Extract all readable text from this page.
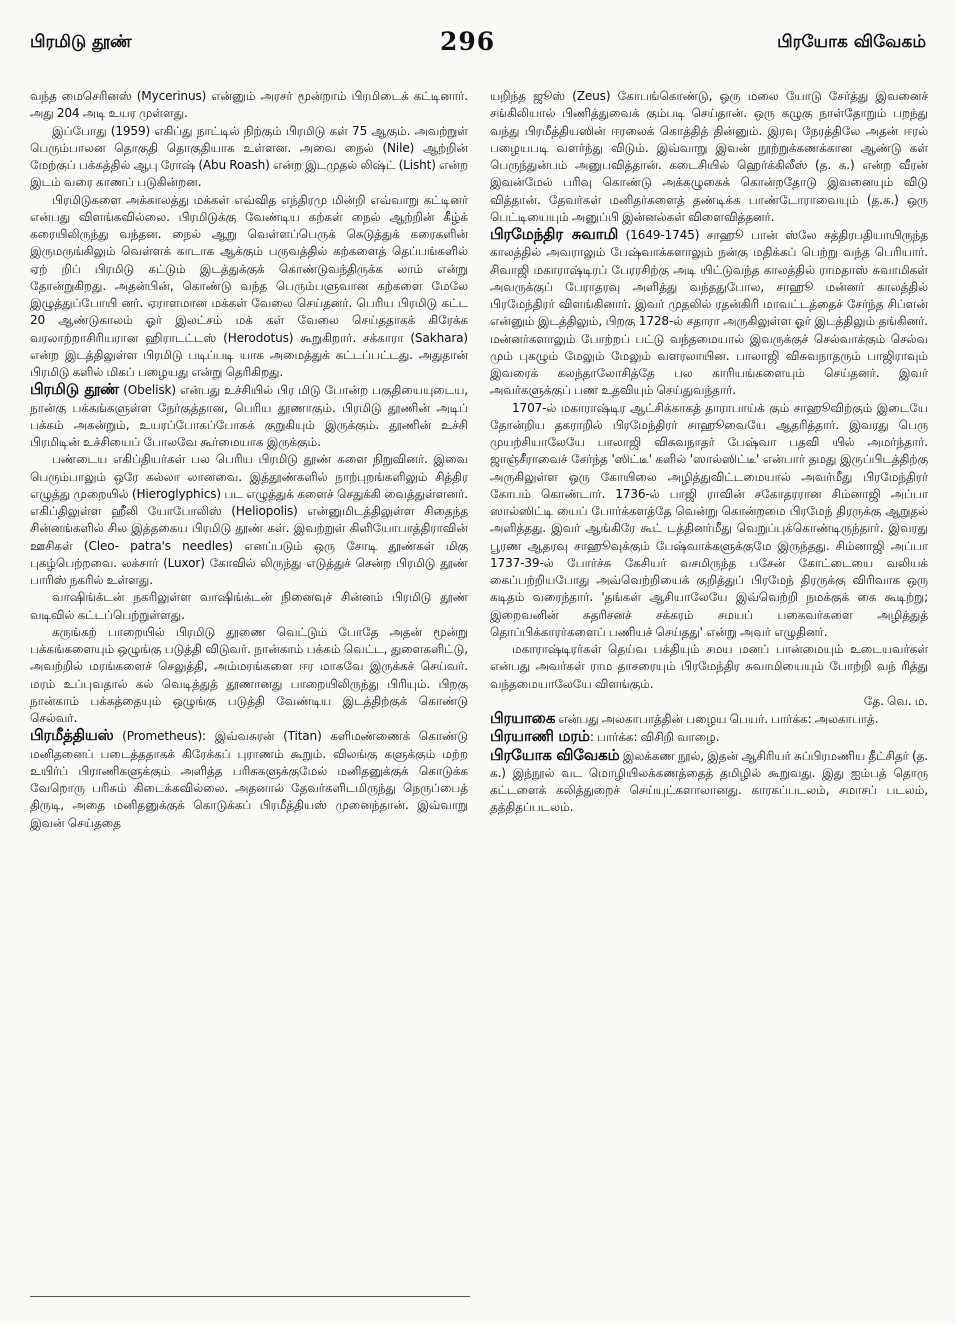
பிரமிடு தூண்	296	பிரயோக விவேகம்

வந்த மைசெரினஸ் (Mycerinus) என்னும் அரசர் மூன்றாம் பிரமிடைக் கட்டினார். அது 204 அடி உயர முள்ளது.

இப்போது (1959) எகிப்து நாட்டில் நிற்கும் பிரமிடு கள் 75 ஆகும். அவற்றுள் பெரும்பாலன தொகுதி தொகுதியாக உள்ளன. அவை நைல் (Nile) ஆற்றின் மேற்குப் பக்கத்தில் ஆபு ரோஷ் (Abu Roash) என்ற இடமுதல் லிஷ்ட் (Lisht) என்ற இடம் வரை காணப் படுகின்றன.

பிரமிடுகளை அக்காலத்து மக்கள் எவ்வித எந்திரமு மின்றி எவ்வாறு கட்டினர் என்பது விளங்கவில்லை. பிரமிடுக்கு வேண்டிய கற்கள் நைல் ஆற்றின் கீழ்க் கரையிலிருந்து வந்தன. நைல் ஆறு வெள்ளப்பெருக் கெடுத்துக் கரைகளின் இருமருங்கிலும் வெள்ளக் காடாக ஆக்கும் பருவத்தில் கற்களைத் தெப்பங்களில் ஏற் றிப் பிரமிடு கட்டும் இடத்துக்குக் கொண்டுவந்திருக்க லாம் என்று தோன்றுகிறது. அதன்பின், கொண்டு வந்த பெரும்பளுவான கற்களை மேலே இழுத்துப்போயி னர். ஏராளமான மக்கள் வேலை செய்தனர். பெரிய பிரமிடு கட்ட 20 ஆண்டுகாலம் ஓர் இலட்சம் மக் கள் வேலை செய்ததாகக் கிரேக்க வரலாற்றாசிரியரான ஹிராடட்டஸ் (Herodotus) கூறுகிறார். சக்காரா (Sakhara) என்ற இடத்திலுள்ள பிரமிடு படிப்படி யாக அமைத்துக் கட்டப்பட்டது. அதுதான் பிரமிடு களில் மிகப் பழையது என்று தெரிகிறது.

பிரமிடு தூண் (Obelisk) என்பது உச்சியில் பிர மிடு போன்ற பகுதியையுடைய, நான்கு பக்கங்களுள்ள நேர்குத்தான, பெரிய தூணாகும். பிரமிடு தூணின் அடிப் பக்கம் அகன்றும், உயரப்போகப்போகக் குறுகியும் இருக்கும். தூணின் உச்சி பிரமிடின் உச்சியைப் போலவே கூர்மையாக இருக்கும்.

பண்டைய எகிப்தியர்கள் பல பெரிய பிரமிடு தூண் களை நிறுவினர். இவை பெரும்பாலும் ஒரே கல்லா லானவை. இத்தூண்களில் நாற்புறங்களிலும் சித்திர எழுத்து முறையில் (Hieroglyphics) பட எழுத்துக் களைச் செதுக்கி வைத்துள்ளனர். எகிப்திலுள்ள ஹீலி யோபோலிஸ் (Heliopolis) என்னுமிடத்திலுள்ள சிதைந்த சின்னங்களில் சில இத்தகைய பிரமிடு தூண் கள். இவற்றுள் கிளியோபாத்திராவின் ஊசிகள் (Cleo- patra's needles) எனப்படும் ஒரு சோடி தூண்கள் மிகு புகழ்பெற்றவை. லக்சார் (Luxor) கோவில் லிருந்து எடுத்துச் சென்ற பிரமிடு தூண் பாரிஸ் நகரில் உள்ளது.

வாஷிங்க்டன் நகரிலுள்ள வாஷிங்க்டன் நினைவுச் சின்னம் பிரமிடு தூண் வடிவில் கட்டப்பெற்றுள்ளது.

கருங்கற் பாறையில் பிரமிடு தூணை வெட்டும் போதே அதன் மூன்று பக்கங்களையும் ஒழுங்கு படுத்தி விடுவர். நான்காம் பக்கம் வெட்ட, துளைகளிட்டு, அவற்றில் மரங்களைச் செலுத்தி, அம்மரங்களை ஈர மாகவே இருக்கச் செய்வர். மரம் உப்புவதால் கல் வெடித்துத் தூணானது பாறையிலிருந்து பிரியும். பிறகு நான்காம் பக்கத்தையும் ஒழுங்கு படுத்தி வேண்டிய இடத்திற்குக் கொண்டு செல்வர்.

பிரமீத்தியஸ் (Prometheus): இவ்வசுரன் (Titan) களிமண்ணைக் கொண்டு மனிதனைப் படைத்ததாகக் கிரேக்கப் புராணம் கூறும். விலங்கு களுக்கும் மற்ற உயிர்ப் பிராணிகளுக்கும் அளித்த பரிசுகளுக்குமேல் மனிதனுக்குக் கொடுக்க வேறொரு பரிசும் கிடைக்கவில்லை. அதனால் தேவர்களிடமிருந்து நெருப்பைத் திருடி, அதை மனிதனுக்குக் கொடுக்கப் பிரமீத்தியஸ் முனைந்தான். இவ்வாறு இவன் செய்ததை

யறிந்த ஜூஸ் (Zeus) கோபங்கொண்டு, ஒரு மலை யோடு சேர்த்து இவனைச் சங்கிலியால் பிணித்துவைக் கும்படி செய்தான். ஒரு கழுகு நாள்தோறும் பறந்து வந்து பிரமீத்தியஸின் ஈரலைக் கொத்தித் தின்னும். இரவு நேரத்திலே அதன் ஈரல் பழையபடி வளர்ந்து விடும். இவ்வாறு இவன் நூற்றுக்கணக்கான ஆண்டு கள் பெருந்துன்பம் அனுபவித்தான். கடைசியில் ஹெர்க்கிலீஸ் (த. க.) என்ற வீரன் இவன்மேல் பரிவு கொண்டு அக்கழுகைக் கொன்றதோடு இவனையும் விடு வித்தான். தேவர்கள் மனிதர்களைத் தண்டிக்க பாண்டோராவையும் (த.க.) ஒரு பெட்டியையும் அனுப்பி இன்னல்கள் விளைவித்தனர்.

பிரமேந்திர சுவாமி (1649-1745) சாஹூ பான் ஸ்லே சத்திரபதியாயிருந்த காலத்தில் அவராலும் பேஷ்வாக்களாலும் நன்கு மதிக்கப் பெற்று வந்த பெரியார். சிவாஜி மகாராஷ்டிரப் பேரரசிற்கு அடி யிட்டுவந்த காலத்தில் ராமதாஸ் சுவாமிகள் அவருக்குப் பேராதரவு அளித்து வந்ததுபோல, சாஹூ மன்னர் காலத்தில் பிரமேந்திரர் விளங்கினார். இவர் முதலில் ரதன்கிரி மாவட்டத்தைச் சேர்ந்த சிப்ளன் என்னும் இடத்திலும், பிறகு 1728-ல் சதாரா அருகிலுள்ள ஓர் இடத்திலும் தங்கினர். மன்னர்களாலும் போற்றப் பட்டு வந்தமையால் இவருக்குச் செல்வாக்கும் செல்வ மும் புகழும் மேலும் மேலும் வளரலாயின. பாலாஜி விசுவநாதரும் பாஜிராவும் இவரைக் கலந்தாலோசித்தே பல காரியங்களையும் செய்தனர். இவர் அவர்களுக்குப் பண உதவியும் செய்துவந்தார்.

1707-ல் மகாராஷ்டிர ஆட்சிக்காகத் தாராபாய்க் கும் சாஹூவிற்கும் இடையே தோன்றிய தகராறில் பிரமேந்திரர் சாஹூவையே ஆதரித்தார். இவரது பெரு முயற்சியாலேயே பாலாஜி விசுவநாதர் பேஷ்வா பதவி யில் அமர்ந்தார். ஜாஞ்சீராவைச் சேர்ந்த 'ஸிட்டீ' களில் 'ஸால்ஸிட்டீ' என்பார் தமது இருப்பிடத்திற்கு அருகிலுள்ள ஒரு கோயிலை அழித்துவிட்டமையால் அவர்மீது பிரமேந்திரர் கோபம் கொண்டார். 1736-ல் பாஜி ராவின் சகோதரரான சிம்னாஜி அப்பா ஸால்ஸிட்டி யைப் போர்க்களத்தே வென்று கொன்றமை பிரமேந் திரருக்கு ஆறுதல் அளித்தது. இவர் ஆங்கிரே கூட் டத்தினர்மீது வெறுப்புக்கொண்டிருந்தார். இவரது பூரண ஆதரவு சாஹூவுக்கும் பேஷ்வாக்களுக்குமே இருந்தது. சிம்னாஜி அப்பா 1737-39-ல் போர்ச்சு கேசியர் வசமிருந்த பசேன் கோட்டையை வலியக் கைப்பற்றியபோது அவ்வெற்றியைக் குறித்துப் பிரமேந் திரருக்கு விரிவாக ஒரு கடிதம் வரைந்தார். 'தங்கள் ஆசியாலேயே இவ்வெற்றி நமக்குக் கை கூடிற்று; இறைவனின் சுதரிசனச் சக்கரம் சமயப் பகைவர்களை அழித்துத் தொப்பிக்காரர்களைப் பணியச் செய்தது' என்று அவர் எழுதினர்.

மகாராஷ்டிரர்கள் தெய்வ பக்தியும் சமய மனப் பான்மையும் உடையவர்கள் என்பது அவர்கள் ராம தாசரையும் பிரமேந்திர சுவாமியையும் போற்றி வந் ரித்து வந்தமையாலேயே விளங்கும்.
தே. வெ. ம.

பிரயாகை என்பது அலகாபாத்தின் பழைய பெயர். பார்க்க: அலகாபாத்.

பிரயாணி மரம்: பார்க்க: விசிறி வாழை.

பிரயோக விவேகம் இலக்கண நூல், இதன் ஆசிரியர் சுப்பிரமணிய தீட்சிதர் (த. க.) இந்நூல் வட மொழியிலக்கணத்தைத் தமிழில் கூறுவது. இது ஐம்பத் தொரு கட்டளைக் கலித்துறைச் செய்யுட்களாலானது. காரகப்படலம், சமாசப் படலம், தத்திதப்படலம்.
